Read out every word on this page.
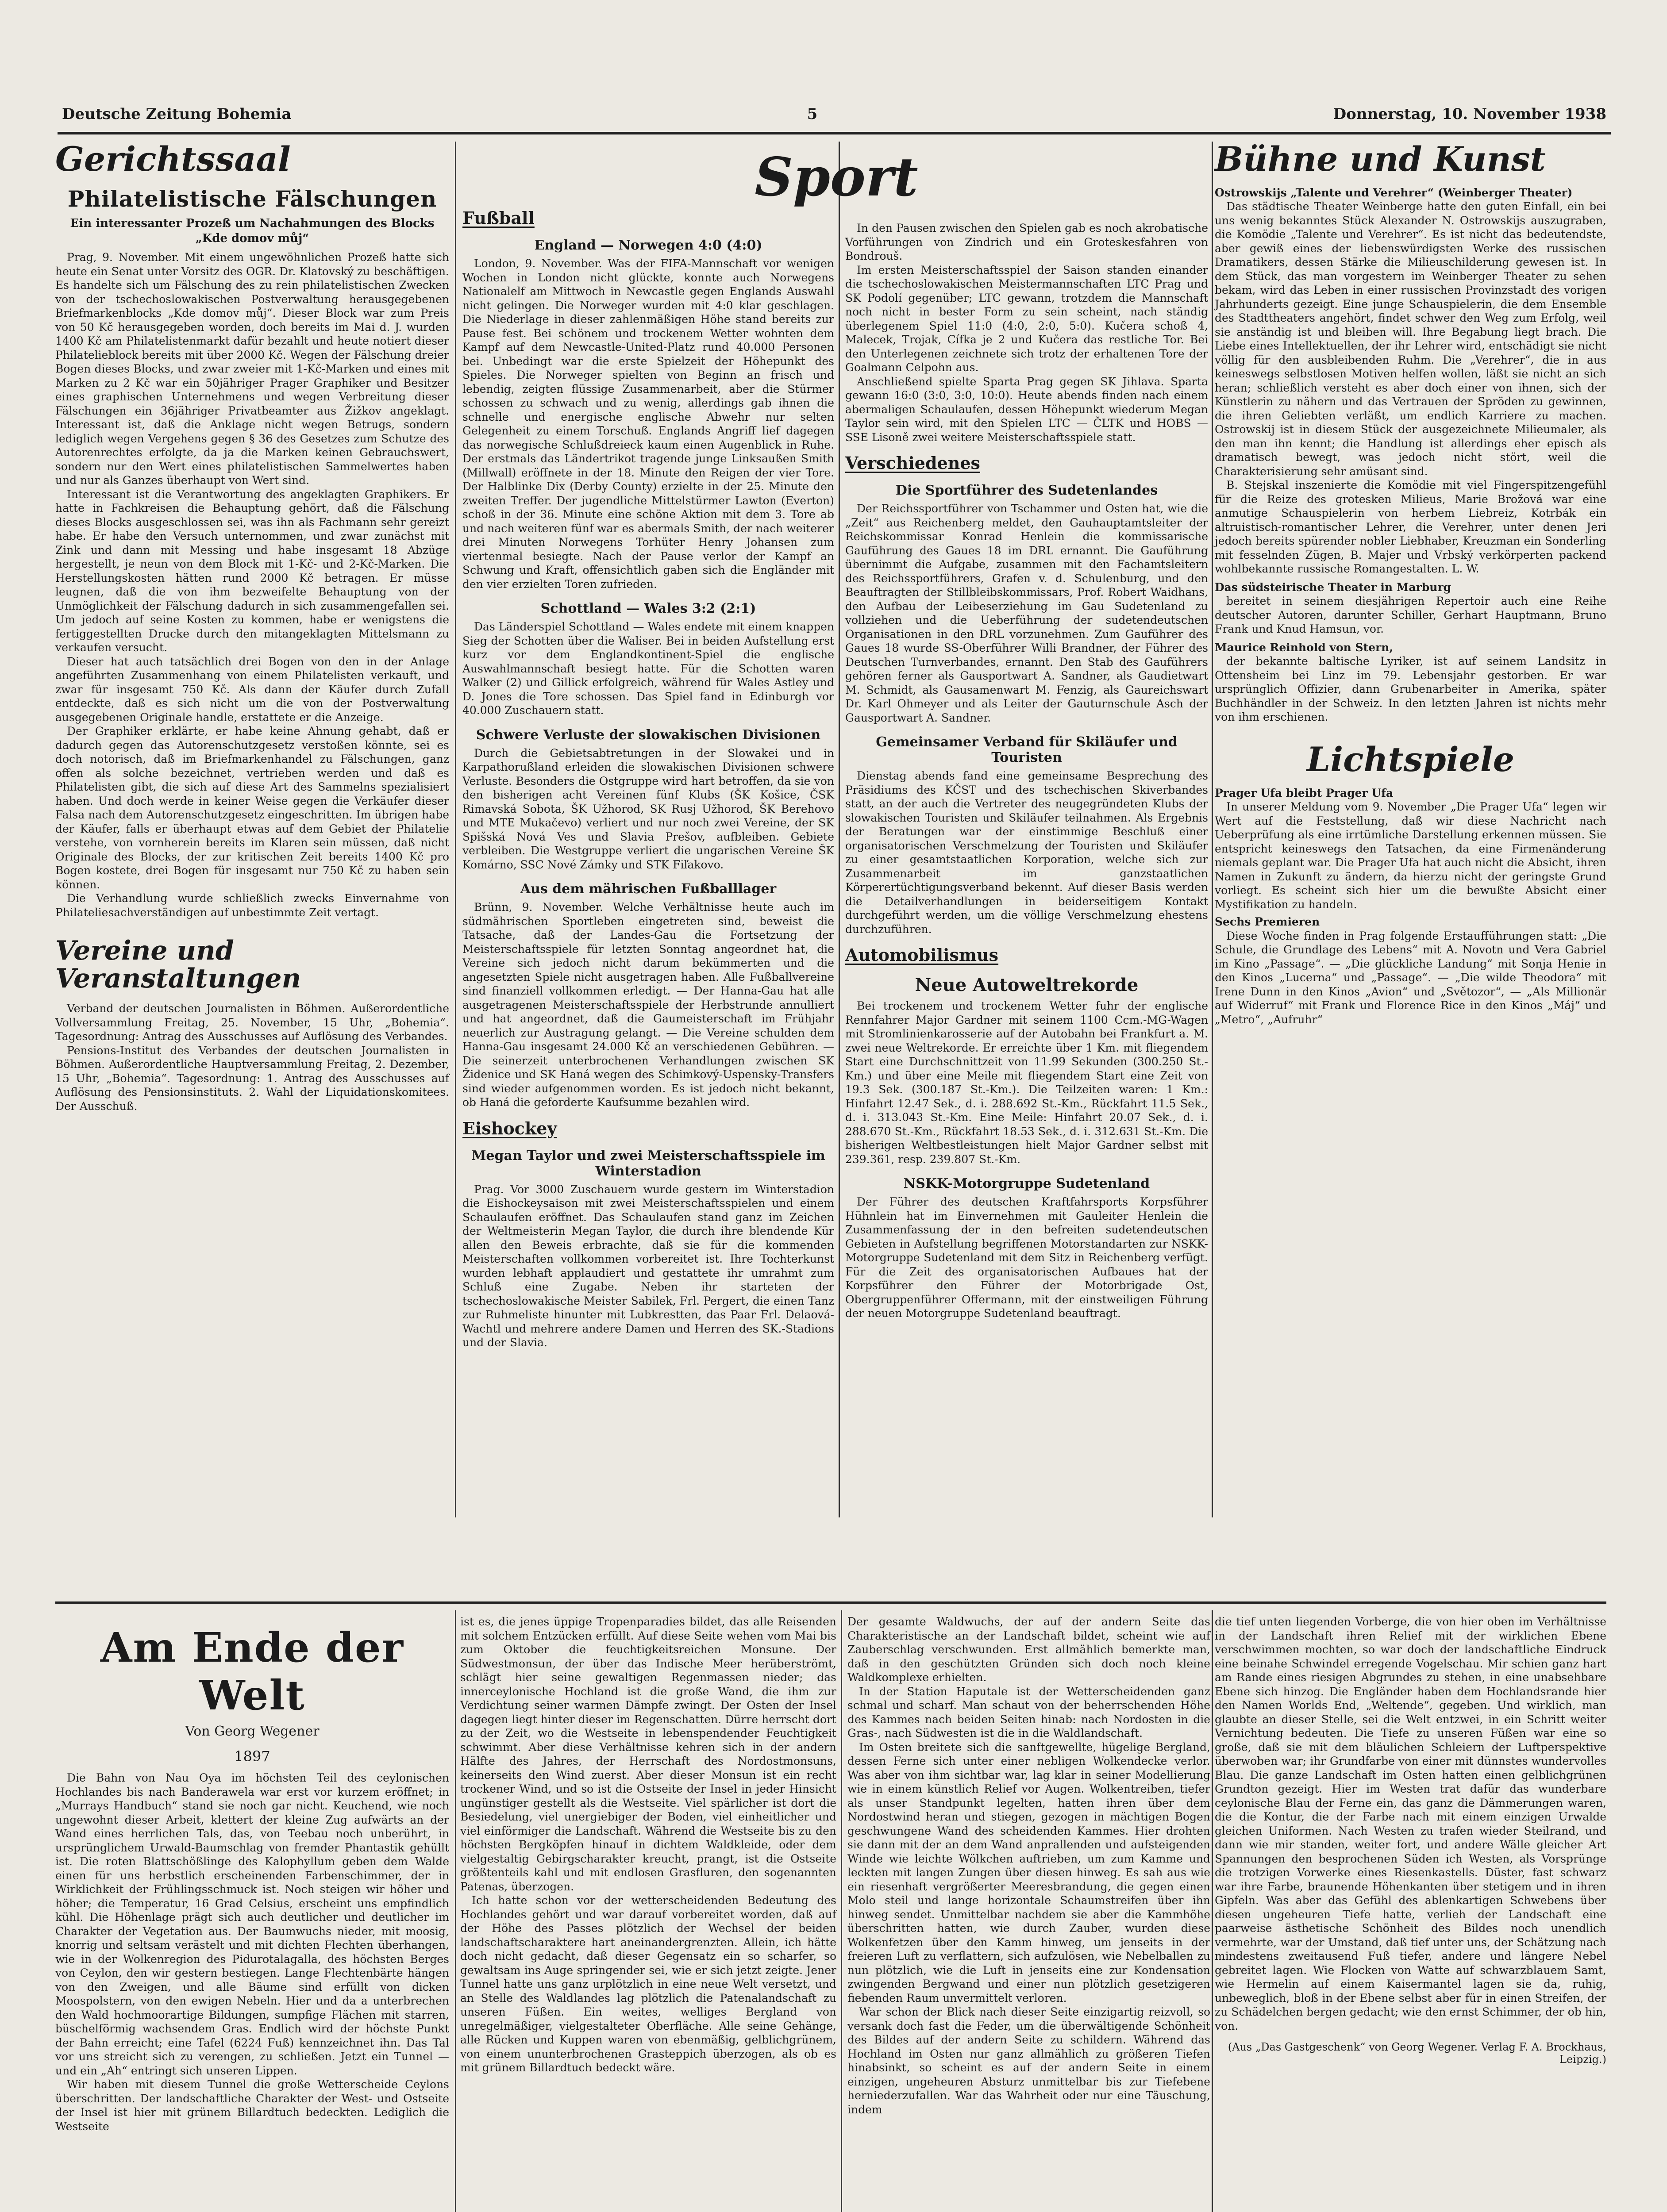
Deutsche Zeitung Bohemia	5	Donnerstag, 10. November 1938
Gerichtssaal
Philatelistische Fälschungen
Ein interessanter Prozeß um Nachahmungen des Blocks „Kde domov můj“

Prag, 9. November. Mit einem ungewöhnlichen Prozeß hatte sich heute ein Senat unter Vorsitz des OGR. Dr. Klatovský zu beschäftigen. Es handelte sich um Fälschung des zu rein philatelistischen Zwecken von der tschechoslowakischen Postverwaltung herausgegebenen Briefmarkenblocks „Kde domov můj“. Dieser Block war zum Preis von 50 Kč herausgegeben worden, doch bereits im Mai d. J. wurden 1400 Kč am Philatelistenmarkt dafür bezahlt und heute notiert dieser Philatelieblock bereits mit über 2000 Kč. Wegen der Fälschung dreier Bogen dieses Blocks, und zwar zweier mit 1-Kč-Marken und eines mit Marken zu 2 Kč war ein 50jähriger Prager Graphiker und Besitzer eines graphischen Unternehmens und wegen Verbreitung dieser Fälschungen ein 36jähriger Privatbeamter aus Žižkov angeklagt. Interessant ist, daß die Anklage nicht wegen Betrugs, sondern lediglich wegen Vergehens gegen § 36 des Gesetzes zum Schutze des Autorenrechtes erfolgte, da ja die Marken keinen Gebrauchswert, sondern nur den Wert eines philatelistischen Sammelwertes haben und nur als Ganzes überhaupt von Wert sind.

Interessant ist die Verantwortung des angeklagten Graphikers. Er hatte in Fachkreisen die Behauptung gehört, daß die Fälschung dieses Blocks ausgeschlossen sei, was ihn als Fachmann sehr gereizt habe. Er habe den Versuch unternommen, und zwar zunächst mit Zink und dann mit Messing und habe insgesamt 18 Abzüge hergestellt, je neun von dem Block mit 1-Kč- und 2-Kč-Marken. Die Herstellungskosten hätten rund 2000 Kč betragen. Er müsse leugnen, daß die von ihm bezweifelte Behauptung von der Unmöglichkeit der Fälschung dadurch in sich zusammengefallen sei. Um jedoch auf seine Kosten zu kommen, habe er wenigstens die fertiggestellten Drucke durch den mitangeklagten Mittelsmann zu verkaufen versucht.

Dieser hat auch tatsächlich drei Bogen von den in der Anlage angeführten Zusammenhang von einem Philatelisten verkauft, und zwar für insgesamt 750 Kč. Als dann der Käufer durch Zufall entdeckte, daß es sich nicht um die von der Postverwaltung ausgegebenen Originale handle, erstattete er die Anzeige.

Der Graphiker erklärte, er habe keine Ahnung gehabt, daß er dadurch gegen das Autorenschutzgesetz verstoßen könnte, sei es doch notorisch, daß im Briefmarkenhandel zu Fälschungen, ganz offen als solche bezeichnet, vertrieben werden und daß es Philatelisten gibt, die sich auf diese Art des Sammelns spezialisiert haben. Und doch werde in keiner Weise gegen die Verkäufer dieser Falsa nach dem Autorenschutzgesetz eingeschritten. Im übrigen habe der Käufer, falls er überhaupt etwas auf dem Gebiet der Philatelie verstehe, von vornherein bereits im Klaren sein müssen, daß nicht Originale des Blocks, der zur kritischen Zeit bereits 1400 Kč pro Bogen kostete, drei Bogen für insgesamt nur 750 Kč zu haben sein können.

Die Verhandlung wurde schließlich zwecks Einvernahme von Philateliesachverständigen auf unbestimmte Zeit vertagt.

Vereine und Veranstaltungen

Verband der deutschen Journalisten in Böhmen. Außerordentliche Vollversammlung Freitag, 25. November, 15 Uhr, „Bohemia“. Tagesordnung: Antrag des Ausschusses auf Auflösung des Verbandes.

Pensions-Institut des Verbandes der deutschen Journalisten in Böhmen. Außerordentliche Hauptversammlung Freitag, 2. Dezember, 15 Uhr, „Bohemia“. Tagesordnung: 1. Antrag des Ausschusses auf Auflösung des Pensionsinstituts. 2. Wahl der Liquidationskomitees. Der Ausschuß.

Fußball
England — Norwegen 4:0 (4:0)

London, 9. November. Was der FIFA-Mannschaft vor wenigen Wochen in London nicht glückte, konnte auch Norwegens Nationalelf am Mittwoch in Newcastle gegen Englands Auswahl nicht gelingen. Die Norweger wurden mit 4:0 klar geschlagen. Die Niederlage in dieser zahlenmäßigen Höhe stand bereits zur Pause fest. Bei schönem und trockenem Wetter wohnten dem Kampf auf dem Newcastle-United-Platz rund 40.000 Personen bei. Unbedingt war die erste Spielzeit der Höhepunkt des Spieles. Die Norweger spielten von Beginn an frisch und lebendig, zeigten flüssige Zusammenarbeit, aber die Stürmer schossen zu schwach und zu wenig, allerdings gab ihnen die schnelle und energische englische Abwehr nur selten Gelegenheit zu einem Torschuß. Englands Angriff lief dagegen das norwegische Schlußdreieck kaum einen Augenblick in Ruhe. Der erstmals das Ländertrikot tragende junge Linksaußen Smith (Millwall) eröffnete in der 18. Minute den Reigen der vier Tore. Der Halblinke Dix (Derby County) erzielte in der 25. Minute den zweiten Treffer. Der jugendliche Mittelstürmer Lawton (Everton) schoß in der 36. Minute eine schöne Aktion mit dem 3. Tore ab und nach weiteren fünf war es abermals Smith, der nach weiterer drei Minuten Norwegens Torhüter Henry Johansen zum viertenmal besiegte. Nach der Pause verlor der Kampf an Schwung und Kraft, offensichtlich gaben sich die Engländer mit den vier erzielten Toren zufrieden.

Schottland — Wales 3:2 (2:1)

Das Länderspiel Schottland — Wales endete mit einem knappen Sieg der Schotten über die Waliser. Bei in beiden Aufstellung erst kurz vor dem Englandkontinent-Spiel die englische Auswahlmannschaft besiegt hatte. Für die Schotten waren Walker (2) und Gillick erfolgreich, während für Wales Astley und D. Jones die Tore schossen. Das Spiel fand in Edinburgh vor 40.000 Zuschauern statt.

Schwere Verluste der slowakischen Divisionen

Durch die Gebietsabtretungen in der Slowakei und in Karpathorußland erleiden die slowakischen Divisionen schwere Verluste. Besonders die Ostgruppe wird hart betroffen, da sie von den bisherigen acht Vereinen fünf Klubs (ŠK Košice, ČSK Rimavská Sobota, ŠK Užhorod, SK Rusj Užhorod, ŠK Berehovo und MTE Mukačevo) verliert und nur noch zwei Vereine, der SK Spišská Nová Ves und Slavia Prešov, aufbleiben. Gebiete verbleiben. Die Westgruppe verliert die ungarischen Vereine ŠK Komárno, SSC Nové Zámky und STK Fiľakovo.

Aus dem mährischen Fußballlager

Brünn, 9. November. Welche Verhältnisse heute auch im südmährischen Sportleben eingetreten sind, beweist die Tatsache, daß der Landes-Gau die Fortsetzung der Meisterschaftsspiele für letzten Sonntag angeordnet hat, die Vereine sich jedoch nicht darum bekümmerten und die angesetzten Spiele nicht ausgetragen haben. Alle Fußballvereine sind finanziell vollkommen erledigt. — Der Hanna-Gau hat alle ausgetragenen Meisterschaftsspiele der Herbstrunde annulliert und hat angeordnet, daß die Gaumeisterschaft im Frühjahr neuerlich zur Austragung gelangt. — Die Vereine schulden dem Hanna-Gau insgesamt 24.000 Kč an verschiedenen Gebühren. — Die seinerzeit unterbrochenen Verhandlungen zwischen SK Židenice und SK Haná wegen des Schimkový-Uspensky-Transfers sind wieder aufgenommen worden. Es ist jedoch nicht bekannt, ob Haná die geforderte Kaufsumme bezahlen wird.

Eishockey
Megan Taylor und zwei Meisterschaftsspiele im Winterstadion

Prag. Vor 3000 Zuschauern wurde gestern im Winterstadion die Eishockeysaison mit zwei Meisterschaftsspielen und einem Schaulaufen eröffnet. Das Schaulaufen stand ganz im Zeichen der Weltmeisterin Megan Taylor, die durch ihre blendende Kür allen den Beweis erbrachte, daß sie für die kommenden Meisterschaften vollkommen vorbereitet ist. Ihre Tochterkunst wurden lebhaft applaudiert und gestattete ihr umrahmt zum Schluß eine Zugabe. Neben ihr starteten der tschechoslowakische Meister Sabilek, Frl. Pergert, die einen Tanz zur Ruhmeliste hinunter mit Lubkrestten, das Paar Frl. Delaová-Wachtl und mehrere andere Damen und Herren des SK.-Stadions und der Slavia.

Sport

In den Pausen zwischen den Spielen gab es noch akrobatische Vorführungen von Zindrich und ein Groteskesfahren von Bondrouš.

Im ersten Meisterschaftsspiel der Saison standen einander die tschechoslowakischen Meistermannschaften LTC Prag und SK Podolí gegenüber; LTC gewann, trotzdem die Mannschaft noch nicht in bester Form zu sein scheint, nach ständig überlegenem Spiel 11:0 (4:0, 2:0, 5:0). Kučera schoß 4, Malecek, Trojak, Cífka je 2 und Kučera das restliche Tor. Bei den Unterlegenen zeichnete sich trotz der erhaltenen Tore der Goalmann Celpohn aus.

Anschließend spielte Sparta Prag gegen SK Jihlava. Sparta gewann 16:0 (3:0, 3:0, 10:0). Heute abends finden nach einem abermaligen Schaulaufen, dessen Höhepunkt wiederum Megan Taylor sein wird, mit den Spielen LTC — ČLTK und HOBS — SSE Lisoně zwei weitere Meisterschaftsspiele statt.

Verschiedenes
Die Sportführer des Sudetenlandes

Der Reichssportführer von Tschammer und Osten hat, wie die „Zeit“ aus Reichenberg meldet, den Gauhauptamtsleiter der Reichskommissar Konrad Henlein die kommissarische Gauführung des Gaues 18 im DRL ernannt. Die Gauführung übernimmt die Aufgabe, zusammen mit den Fachamtsleitern des Reichssportführers, Grafen v. d. Schulenburg, und den Beauftragten der Stillbleibskommissars, Prof. Robert Waidhans, den Aufbau der Leibeserziehung im Gau Sudetenland zu vollziehen und die Ueberführung der sudetendeutschen Organisationen in den DRL vorzunehmen. Zum Gauführer des Gaues 18 wurde SS-Oberführer Willi Brandner, der Führer des Deutschen Turnverbandes, ernannt. Den Stab des Gauführers gehören ferner als Gausportwart A. Sandner, als Gaudietwart M. Schmidt, als Gausamenwart M. Fenzig, als Gaureichswart Dr. Karl Ohmeyer und als Leiter der Gauturnschule Asch der Gausportwart A. Sandner.

Gemeinsamer Verband für Skiläufer und Touristen

Dienstag abends fand eine gemeinsame Besprechung des Präsidiums des KČST und des tschechischen Skiverbandes statt, an der auch die Vertreter des neugegründeten Klubs der slowakischen Touristen und Skiläufer teilnahmen. Als Ergebnis der Beratungen war der einstimmige Beschluß einer organisatorischen Verschmelzung der Touristen und Skiläufer zu einer gesamtstaatlichen Korporation, welche sich zur Zusammenarbeit im ganzstaatlichen Körperertüchtigungsverband bekennt. Auf dieser Basis werden die Detailverhandlungen in beiderseitigem Kontakt durchgeführt werden, um die völlige Verschmelzung ehestens durchzuführen.

Automobilismus
Neue Autoweltrekorde

Bei trockenem und trockenem Wetter fuhr der englische Rennfahrer Major Gardner mit seinem 1100 Ccm.-MG-Wagen mit Stromlinienkarosserie auf der Autobahn bei Frankfurt a. M. zwei neue Weltrekorde. Er erreichte über 1 Km. mit fliegendem Start eine Durchschnittzeit von 11.99 Sekunden (300.250 St.-Km.) und über eine Meile mit fliegendem Start eine Zeit von 19.3 Sek. (300.187 St.-Km.). Die Teilzeiten waren: 1 Km.: Hinfahrt 12.47 Sek., d. i. 288.692 St.-Km., Rückfahrt 11.5 Sek., d. i. 313.043 St.-Km. Eine Meile: Hinfahrt 20.07 Sek., d. i. 288.670 St.-Km., Rückfahrt 18.53 Sek., d. i. 312.631 St.-Km. Die bisherigen Weltbestleistungen hielt Major Gardner selbst mit 239.361, resp. 239.807 St.-Km.

NSKK-Motorgruppe Sudetenland

Der Führer des deutschen Kraftfahrsports Korpsführer Hühnlein hat im Einvernehmen mit Gauleiter Henlein die Zusammenfassung der in den befreiten sudetendeutschen Gebieten in Aufstellung begriffenen Motorstandarten zur NSKK-Motorgruppe Sudetenland mit dem Sitz in Reichenberg verfügt. Für die Zeit des organisatorischen Aufbaues hat der Korpsführer den Führer der Motorbrigade Ost, Obergruppenführer Offermann, mit der einstweiligen Führung der neuen Motorgruppe Sudetenland beauftragt.

Bühne und Kunst
Ostrowskijs „Talente und Verehrer“ (Weinberger Theater)

Das städtische Theater Weinberge hatte den guten Einfall, ein bei uns wenig bekanntes Stück Alexander N. Ostrowskijs auszugraben, die Komödie „Talente und Verehrer“. Es ist nicht das bedeutendste, aber gewiß eines der liebenswürdigsten Werke des russischen Dramatikers, dessen Stärke die Milieuschilderung gewesen ist. In dem Stück, das man vorgestern im Weinberger Theater zu sehen bekam, wird das Leben in einer russischen Provinzstadt des vorigen Jahrhunderts gezeigt. Eine junge Schauspielerin, die dem Ensemble des Stadttheaters angehört, findet schwer den Weg zum Erfolg, weil sie anständig ist und bleiben will. Ihre Begabung liegt brach. Die Liebe eines Intellektuellen, der ihr Lehrer wird, entschädigt sie nicht völlig für den ausbleibenden Ruhm. Die „Verehrer“, die in aus keineswegs selbstlosen Motiven helfen wollen, läßt sie nicht an sich heran; schließlich versteht es aber doch einer von ihnen, sich der Künstlerin zu nähern und das Vertrauen der Spröden zu gewinnen, die ihren Geliebten verläßt, um endlich Karriere zu machen. Ostrowskij ist in diesem Stück der ausgezeichnete Milieumaler, als den man ihn kennt; die Handlung ist allerdings eher episch als dramatisch bewegt, was jedoch nicht stört, weil die Charakterisierung sehr amüsant sind.

B. Stejskal inszenierte die Komödie mit viel Fingerspitzengefühl für die Reize des grotesken Milieus, Marie Brožová war eine anmutige Schauspielerin von herbem Liebreiz, Kotrbák ein altruistisch-romantischer Lehrer, die Verehrer, unter denen Jeri jedoch bereits spürender nobler Liebhaber, Kreuzman ein Sonderling mit fesselnden Zügen, B. Majer und Vrbský verkörperten packend wohlbekannte russische Romangestalten. L. W.

Das südsteirische Theater in Marburg

bereitet in seinem diesjährigen Repertoir auch eine Reihe deutscher Autoren, darunter Schiller, Gerhart Hauptmann, Bruno Frank und Knud Hamsun, vor.

Maurice Reinhold von Stern,

der bekannte baltische Lyriker, ist auf seinem Landsitz in Ottensheim bei Linz im 79. Lebensjahr gestorben. Er war ursprünglich Offizier, dann Grubenarbeiter in Amerika, später Buchhändler in der Schweiz. In den letzten Jahren ist nichts mehr von ihm erschienen.

Lichtspiele
Prager Ufa bleibt Prager Ufa

In unserer Meldung vom 9. November „Die Prager Ufa“ legen wir Wert auf die Feststellung, daß wir diese Nachricht nach Ueberprüfung als eine irrtümliche Darstellung erkennen müssen. Sie entspricht keineswegs den Tatsachen, da eine Firmenänderung niemals geplant war. Die Prager Ufa hat auch nicht die Absicht, ihren Namen in Zukunft zu ändern, da hierzu nicht der geringste Grund vorliegt. Es scheint sich hier um die bewußte Absicht einer Mystifikation zu handeln.

Sechs Premieren

Diese Woche finden in Prag folgende Erstaufführungen statt: „Die Schule, die Grundlage des Lebens“ mit A. Novotn und Vera Gabriel im Kino „Passage“. — „Die glückliche Landung“ mit Sonja Henie in den Kinos „Lucerna“ und „Passage“. — „Die wilde Theodora“ mit Irene Dunn in den Kinos „Avion“ und „Světozor“, — „Als Millionär auf Widerruf“ mit Frank und Florence Rice in den Kinos „Máj“ und „Metro“, „Aufruhr“

Am Ende der Welt
Von Georg Wegener
1897

Die Bahn von Nau Oya im höchsten Teil des ceylonischen Hochlandes bis nach Banderawela war erst vor kurzem eröffnet; in „Murrays Handbuch“ stand sie noch gar nicht. Keuchend, wie noch ungewohnt dieser Arbeit, klettert der kleine Zug aufwärts an der Wand eines herrlichen Tals, das, von Teebau noch unberührt, in ursprünglichem Urwald-Baumschlag von fremder Phantastik gehüllt ist. Die roten Blattschößlinge des Kalophyllum geben dem Walde einen für uns herbstlich erscheinenden Farbenschimmer, der in Wirklichkeit der Frühlingsschmuck ist. Noch steigen wir höher und höher; die Temperatur, 16 Grad Celsius, erscheint uns empfindlich kühl. Die Höhenlage prägt sich auch deutlicher und deutlicher im Charakter der Vegetation aus. Der Baumwuchs nieder, mit moosig, knorrig und seltsam verästelt und mit dichten Flechten überhangen, wie in der Wolkenregion des Pidurotalagalla, des höchsten Berges von Ceylon, den wir gestern bestiegen. Lange Flechtenbärte hängen von den Zweigen, und alle Bäume sind erfüllt von dicken Moospolstern, von den ewigen Nebeln. Hier und da a unterbrechen den Wald hochmoorartige Bildungen, sumpfige Flächen mit starren, büschelförmig wachsendem Gras. Endlich wird der höchste Punkt der Bahn erreicht; eine Tafel (6224 Fuß) kennzeichnet ihn. Das Tal vor uns streicht sich zu verengen, zu schließen. Jetzt ein Tunnel — und ein „Ah“ entringt sich unseren Lippen.

Wir haben mit diesem Tunnel die große Wetterscheide Ceylons überschritten. Der landschaftliche Charakter der West- und Ostseite der Insel ist hier mit grünem Billardtuch bedeckten. Lediglich die Westseite

ist es, die jenes üppige Tropenparadies bildet, das alle Reisenden mit solchem Entzücken erfüllt. Auf diese Seite wehen vom Mai bis zum Oktober die feuchtigkeitsreichen Monsune. Der Südwestmonsun, der über das Indische Meer herüberströmt, schlägt hier seine gewaltigen Regenmassen nieder; das innerceylonische Hochland ist die große Wand, die ihm zur Verdichtung seiner warmen Dämpfe zwingt. Der Osten der Insel dagegen liegt hinter dieser im Regenschatten. Dürre herrscht dort zu der Zeit, wo die Westseite in lebenspendender Feuchtigkeit schwimmt. Aber diese Verhältnisse kehren sich in der andern Hälfte des Jahres, der Herrschaft des Nordostmonsuns, keinerseits den Wind zuerst. Aber dieser Monsun ist ein recht trockener Wind, und so ist die Ostseite der Insel in jeder Hinsicht ungünstiger gestellt als die Westseite. Viel spärlicher ist dort die Besiedelung, viel unergiebiger der Boden, viel einheitlicher und viel einförmiger die Landschaft. Während die Westseite bis zu den höchsten Bergköpfen hinauf in dichtem Waldkleide, oder dem vielgestaltig Gebirgscharakter kreucht, prangt, ist die Ostseite größtenteils kahl und mit endlosen Grasfluren, den sogenannten Patenas, überzogen.

Ich hatte schon vor der wetterscheidenden Bedeutung des Hochlandes gehört und war darauf vorbereitet worden, daß auf der Höhe des Passes plötzlich der Wechsel der beiden landschaftscharaktere hart aneinandergrenzten. Allein, ich hätte doch nicht gedacht, daß dieser Gegensatz ein so scharfer, so gewaltsam ins Auge springender sei, wie er sich jetzt zeigte. Jener Tunnel hatte uns ganz urplötzlich in eine neue Welt versetzt, und an Stelle des Waldlandes lag plötzlich die Patenalandschaft zu unseren Füßen. Ein weites, welliges Bergland von unregelmäßiger, vielgestalteter Oberfläche. Alle seine Gehänge, alle Rücken und Kuppen waren von ebenmäßig, gelblichgrünem, von einem ununterbrochenen Grasteppich überzogen, als ob es mit grünem Billardtuch bedeckt wäre.

Der gesamte Waldwuchs, der auf der andern Seite das Charakteristische an der Landschaft bildet, scheint wie auf Zauberschlag verschwunden. Erst allmählich bemerkte man, daß in den geschützten Gründen sich doch noch kleine Waldkomplexe erhielten.

In der Station Haputale ist der Wetterscheidenden ganz schmal und scharf. Man schaut von der beherrschenden Höhe des Kammes nach beiden Seiten hinab: nach Nordosten in die Gras-, nach Südwesten ist die in die Waldlandschaft.

Im Osten breitete sich die sanftgewellte, hügelige Bergland, dessen Ferne sich unter einer nebligen Wolkendecke verlor. Was aber von ihm sichtbar war, lag klar in seiner Modellierung wie in einem künstlich Relief vor Augen. Wolkentreiben, tiefer als unser Standpunkt legelten, hatten ihren über dem Nordostwind heran und stiegen, gezogen in mächtigen Bogen geschwungene Wand des scheidenden Kammes. Hier drohten sie dann mit der an dem Wand anprallenden und aufsteigenden Winde wie leichte Wölkchen auftrieben, um zum Kamme und leckten mit langen Zungen über diesen hinweg. Es sah aus wie ein riesenhaft vergrößerter Meeresbrandung, die gegen einen Molo steil und lange horizontale Schaumstreifen über ihn hinweg sendet. Unmittelbar nachdem sie aber die Kammhöhe überschritten hatten, wie durch Zauber, wurden diese Wolkenfetzen über den Kamm hinweg, um jenseits in der freieren Luft zu verflattern, sich aufzulösen, wie Nebelballen zu nun plötzlich, wie die Luft in jenseits eine zur Kondensation zwingenden Bergwand und einer nun plötzlich gesetzigeren fiebenden Raum unvermittelt verloren.

War schon der Blick nach dieser Seite einzigartig reizvoll, so versank doch fast die Feder, um die überwältigende Schönheit des Bildes auf der andern Seite zu schildern. Während das Hochland im Osten nur ganz allmählich zu größeren Tiefen hinabsinkt, so scheint es auf der andern Seite in einem einzigen, ungeheuren Absturz unmittelbar bis zur Tiefebene herniederzufallen. War das Wahrheit oder nur eine Täuschung, indem

die tief unten liegenden Vorberge, die von hier oben im Verhältnisse in der Landschaft ihren Relief mit der wirklichen Ebene verschwimmen mochten, so war doch der landschaftliche Eindruck eine beinahe Schwindel erregende Vogelschau. Mir schien ganz hart am Rande eines riesigen Abgrundes zu stehen, in eine unabsehbare Ebene sich hinzog. Die Engländer haben dem Hochlandsrande hier den Namen Worlds End, „Weltende“, gegeben. Und wirklich, man glaubte an dieser Stelle, sei die Welt entzwei, in ein Schritt weiter Vernichtung bedeuten. Die Tiefe zu unseren Füßen war eine so große, daß sie mit dem bläulichen Schleiern der Luftperspektive überwoben war; ihr Grundfarbe von einer mit dünnstes wundervolles Blau. Die ganze Landschaft im Osten hatten einen gelblichgrünen Grundton gezeigt. Hier im Westen trat dafür das wunderbare ceylonische Blau der Ferne ein, das ganz die Dämmerungen waren, die die Kontur, die der Farbe nach mit einem einzigen Urwalde gleichen Uniformen. Nach Westen zu trafen wieder Steilrand, und dann wie mir standen, weiter fort, und andere Wälle gleicher Art Spannungen den besprochenen Süden ich Westen, als Vorsprünge die trotzigen Vorwerke eines Riesenkastells. Düster, fast schwarz war ihre Farbe, braunende Höhenkanten über stetigem und in ihren Gipfeln. Was aber das Gefühl des ablenkartigen Schwebens über diesen ungeheuren Tiefe hatte, verlieh der Landschaft eine paarweise ästhetische Schönheit des Bildes noch unendlich vermehrte, war der Umstand, daß tief unter uns, der Schätzung nach mindestens zweitausend Fuß tiefer, andere und längere Nebel gebreitet lagen. Wie Flocken von Watte auf schwarzblauem Samt, wie Hermelin auf einem Kaisermantel lagen sie da, ruhig, unbeweglich, bloß in der Ebene selbst aber für in einen Streifen, der zu Schädelchen bergen gedacht; wie den ernst Schimmer, der ob hin, von.

(Aus „Das Gastgeschenk“ von Georg Wegener. Verlag F. A. Brockhaus, Leipzig.)
